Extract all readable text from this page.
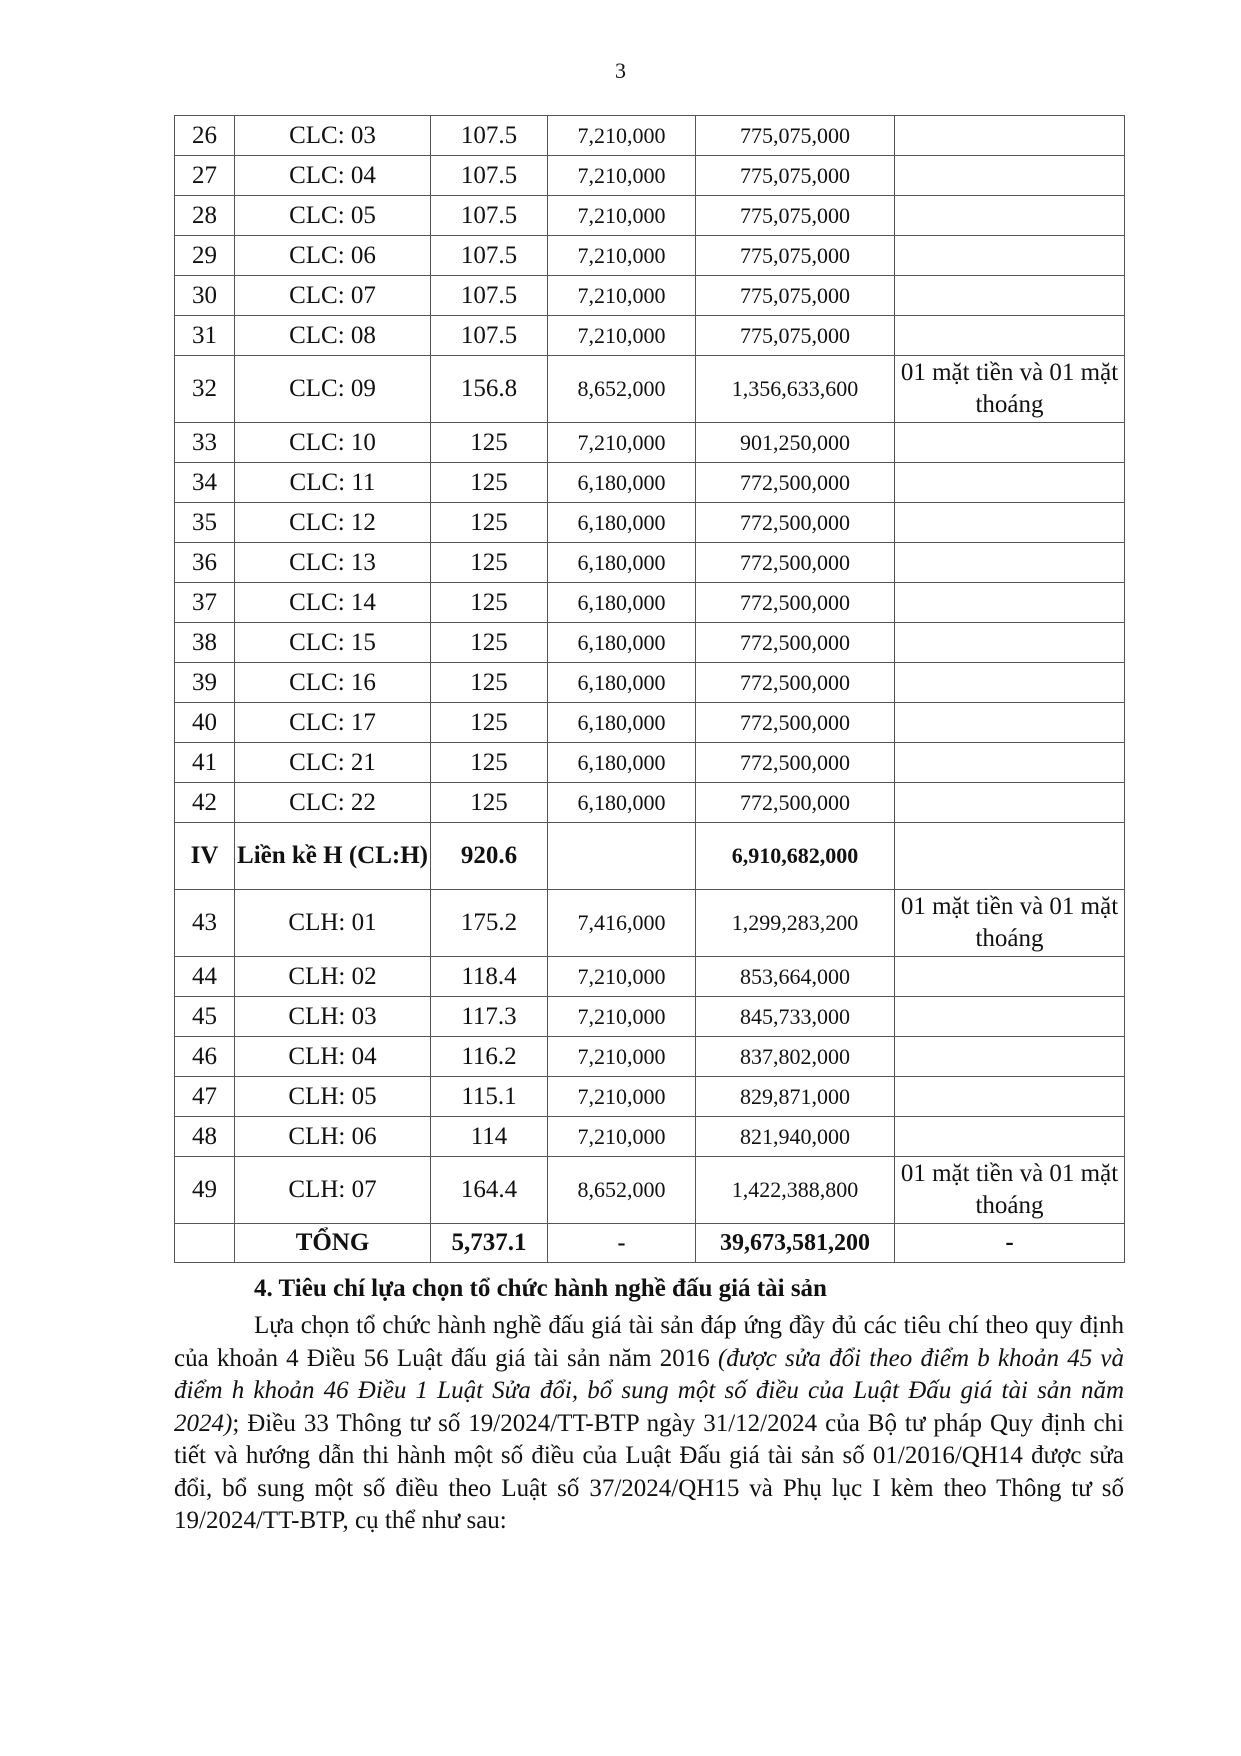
3
26	CLC: 03	107.5	7,210,000	775,075,000	
27	CLC: 04	107.5	7,210,000	775,075,000	
28	CLC: 05	107.5	7,210,000	775,075,000	
29	CLC: 06	107.5	7,210,000	775,075,000	
30	CLC: 07	107.5	7,210,000	775,075,000	
31	CLC: 08	107.5	7,210,000	775,075,000	
32	CLC: 09	156.8	8,652,000	1,356,633,600	01 mặt tiền và 01 mặt thoáng
33	CLC: 10	125	7,210,000	901,250,000	
34	CLC: 11	125	6,180,000	772,500,000	
35	CLC: 12	125	6,180,000	772,500,000	
36	CLC: 13	125	6,180,000	772,500,000	
37	CLC: 14	125	6,180,000	772,500,000	
38	CLC: 15	125	6,180,000	772,500,000	
39	CLC: 16	125	6,180,000	772,500,000	
40	CLC: 17	125	6,180,000	772,500,000	
41	CLC: 21	125	6,180,000	772,500,000	
42	CLC: 22	125	6,180,000	772,500,000	
IV	Liền kề H (CL:H)	920.6		6,910,682,000	
43	CLH: 01	175.2	7,416,000	1,299,283,200	01 mặt tiền và 01 mặt thoáng
44	CLH: 02	118.4	7,210,000	853,664,000	
45	CLH: 03	117.3	7,210,000	845,733,000	
46	CLH: 04	116.2	7,210,000	837,802,000	
47	CLH: 05	115.1	7,210,000	829,871,000	
48	CLH: 06	114	7,210,000	821,940,000	
49	CLH: 07	164.4	8,652,000	1,422,388,800	01 mặt tiền và 01 mặt thoáng
	TỔNG	5,737.1	-	39,673,581,200	-
4. Tiêu chí lựa chọn tổ chức hành nghề đấu giá tài sản

Lựa chọn tổ chức hành nghề đấu giá tài sản đáp ứng đầy đủ các tiêu chí theo quy định của khoản 4 Điều 56 Luật đấu giá tài sản năm 2016 (được sửa đổi theo điểm b khoản 45 và điểm h khoản 46 Điều 1 Luật Sửa đổi, bổ sung một số điều của Luật Đấu giá tài sản năm 2024); Điều 33 Thông tư số 19/2024/TT-BTP ngày 31/12/2024 của Bộ tư pháp Quy định chi tiết và hướng dẫn thi hành một số điều của Luật Đấu giá tài sản số 01/2016/QH14 được sửa đổi, bổ sung một số điều theo Luật số 37/2024/QH15 và Phụ lục I kèm theo Thông tư số 19/2024/TT-BTP, cụ thể như sau:
